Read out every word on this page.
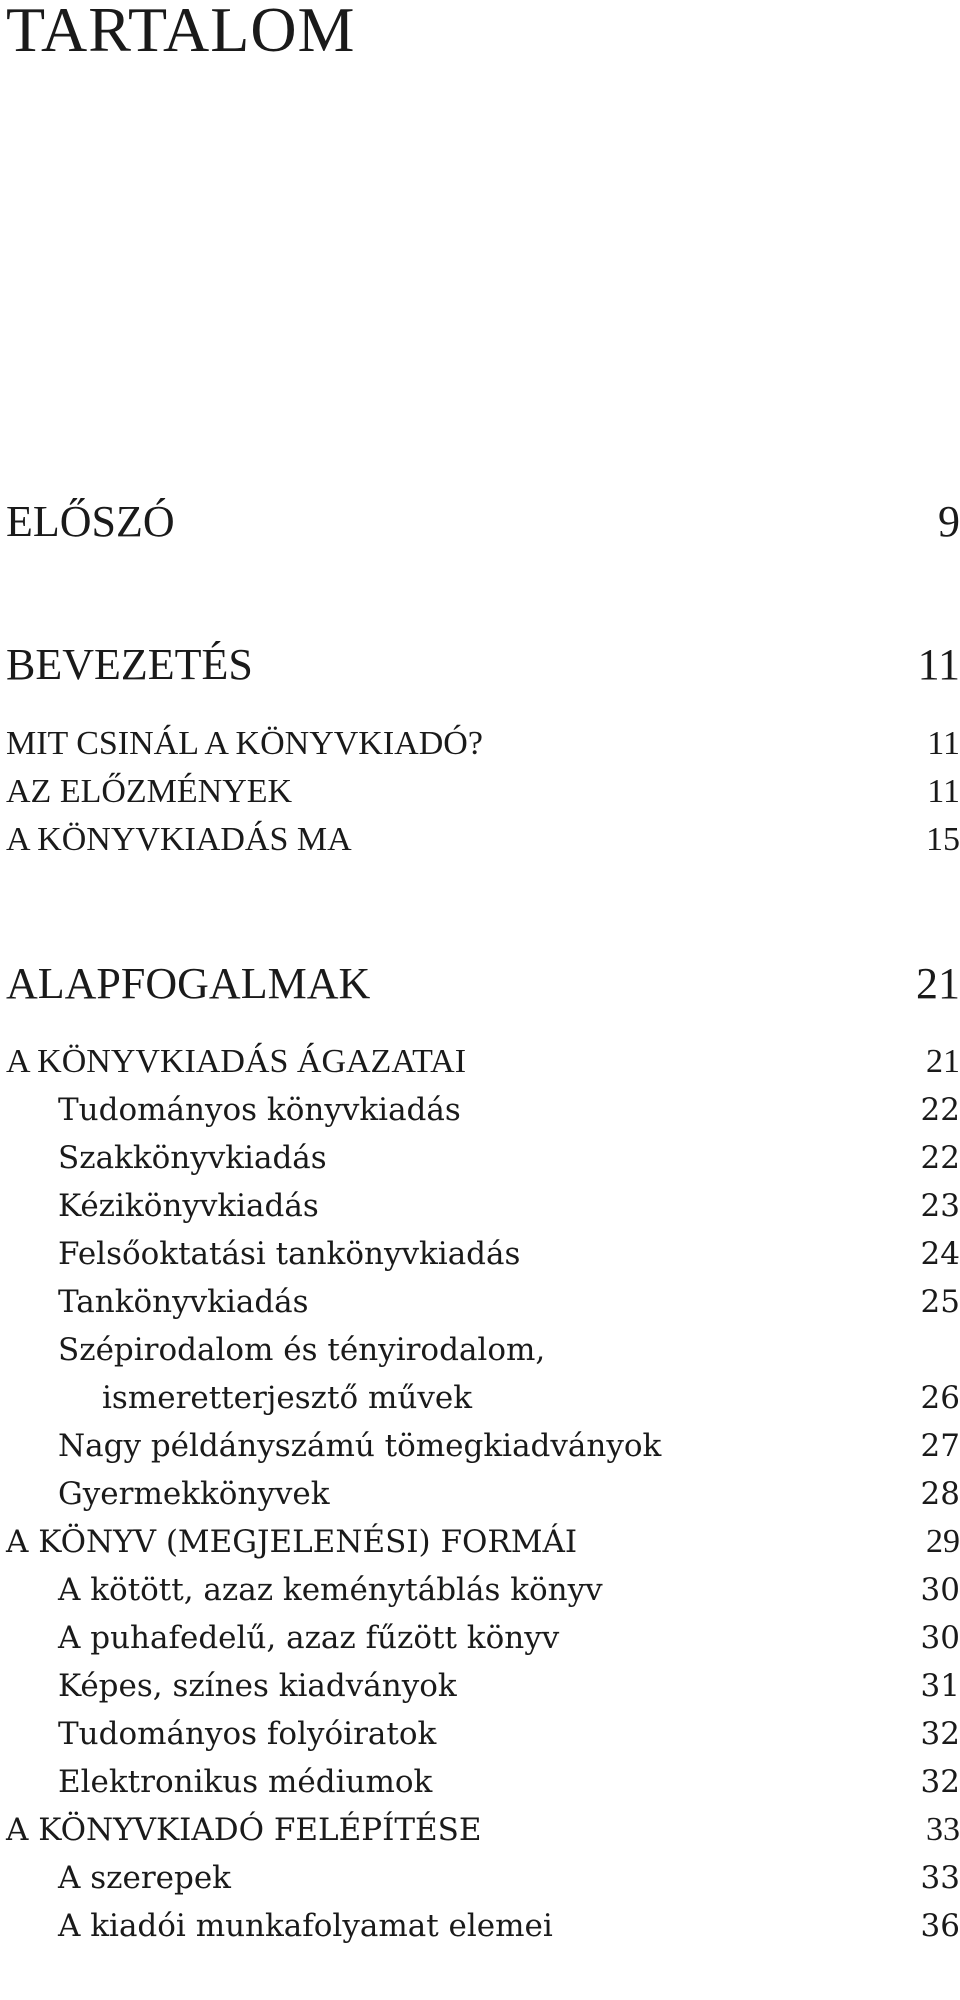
TARTALOM
ELŐSZÓ	9
BEVEZETÉS	11
MIT CSINÁL A KÖNYVKIADÓ?	11
AZ ELŐZMÉNYEK	11
A KÖNYVKIADÁS MA	15
ALAPFOGALMAK	21
A KÖNYVKIADÁS ÁGAZATAI	21
Tudományos könyvkiadás	22
Szakkönyvkiadás	22
Kézikönyvkiadás	23
Felsőoktatási tankönyvkiadás	24
Tankönyvkiadás	25
Szépirodalom és tényirodalom,
ismeretterjesztő művek	26
Nagy példányszámú tömegkiadványok	27
Gyermekkönyvek	28
A KÖNYV (MEGJELENÉSI) FORMÁI	29
A kötött, azaz keménytáblás könyv	30
A puhafedelű, azaz fűzött könyv	30
Képes, színes kiadványok	31
Tudományos folyóiratok	32
Elektronikus médiumok	32
A KÖNYVKIADÓ FELÉPÍTÉSE	33
A szerepek	33
A kiadói munkafolyamat elemei	36
